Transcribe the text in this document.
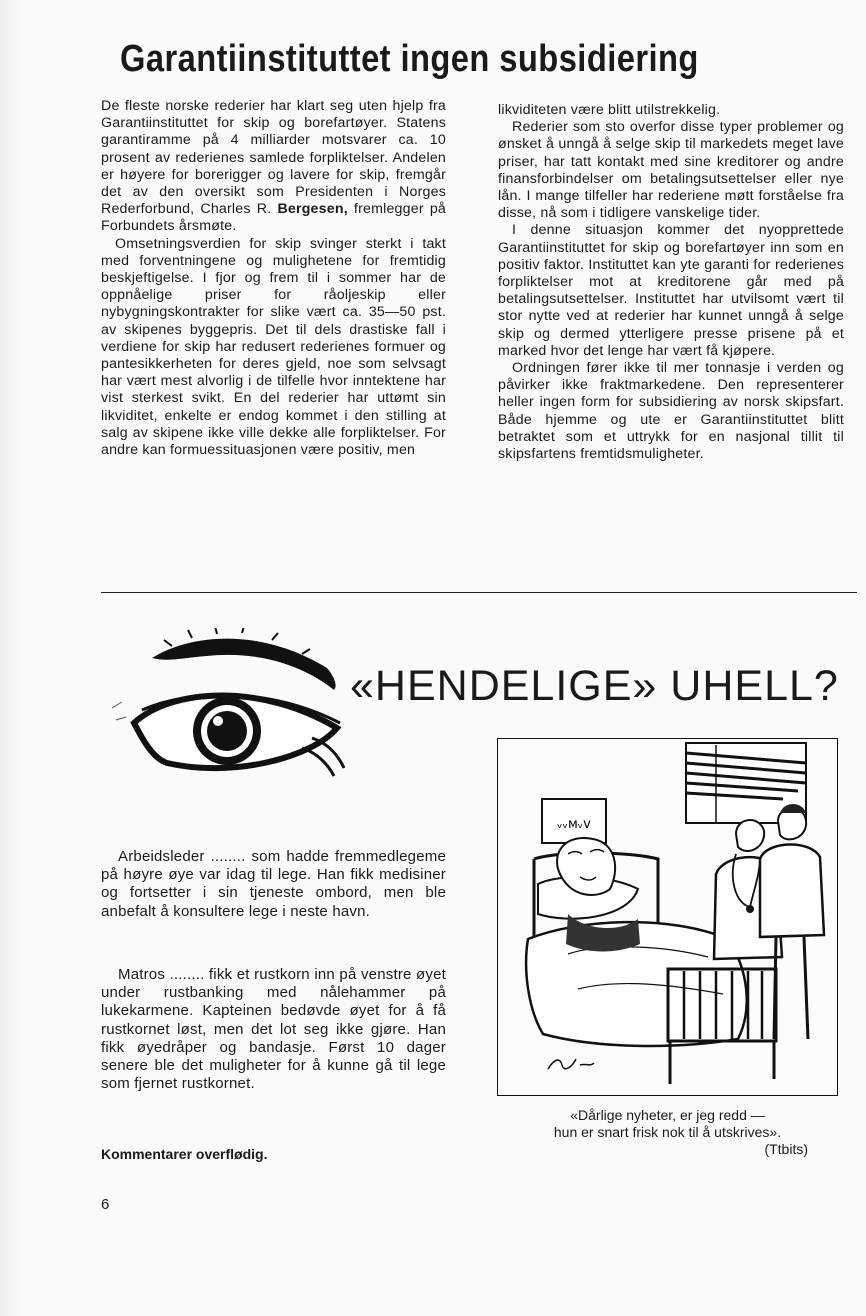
Garantiinstituttet ingen subsidiering

De fleste norske rederier har klart seg uten hjelp fra Garantiinstituttet for skip og borefartøyer. Statens garantiramme på 4 milliarder motsvarer ca. 10 prosent av rederienes samlede forpliktelser. Andelen er høyere for borerigger og lavere for skip, fremgår det av den oversikt som Presidenten i Norges Rederforbund, Charles R. Bergesen, fremlegger på Forbundets årsmøte.

Omsetningsverdien for skip svinger sterkt i takt med forventningene og mulighetene for fremtidig beskjeftigelse. I fjor og frem til i sommer har de oppnåelige priser for råoljeskip eller nybygningskontrakter for slike vært ca. 35—50 pst. av skipenes byggepris. Det til dels drastiske fall i verdiene for skip har redusert rederienes formuer og pantesikkerheten for deres gjeld, noe som selvsagt har vært mest alvorlig i de tilfelle hvor inntektene har vist sterkest svikt. En del rederier har uttømt sin likviditet, enkelte er endog kommet i den stilling at salg av skipene ikke ville dekke alle forpliktelser. For andre kan formuessituasjonen være positiv, men

likviditeten være blitt utilstrekkelig.

Rederier som sto overfor disse typer problemer og ønsket å unngå å selge skip til markedets meget lave priser, har tatt kontakt med sine kreditorer og andre finansforbindelser om betalingsutsettelser eller nye lån. I mange tilfeller har rederiene møtt forståelse fra disse, nå som i tidligere vanskelige tider.

I denne situasjon kommer det nyopprettede Garantiinstituttet for skip og borefartøyer inn som en positiv faktor. Instituttet kan yte garanti for rederienes forpliktelser mot at kreditorene går med på betalingsutsettelser. Instituttet har utvilsomt vært til stor nytte ved at rederier har kunnet unngå å selge skip og dermed ytterligere presse prisene på et marked hvor det lenge har vært få kjøpere.

Ordningen fører ikke til mer tonnasje i verden og påvirker ikke fraktmarkedene. Den representerer heller ingen form for subsidiering av norsk skipsfart. Både hjemme og ute er Garantiinstituttet blitt betraktet som et uttrykk for en nasjonal tillit til skipsfartens fremtidsmuligheter.

«HENDELIGE» UHELL?

Arbeidsleder ........ som hadde fremmedlegeme på høyre øye var idag til lege. Han fikk medisiner og fortsetter i sin tjeneste ombord, men ble anbefalt å konsultere lege i neste havn.

Matros ........ fikk et rustkorn inn på venstre øyet under rustbanking med nålehammer på lukekarmene. Kapteinen bedøvde øyet for å få rustkornet løst, men det lot seg ikke gjøre. Han fikk øyedråper og bandasje. Først 10 dager senere ble det muligheter for å kunne gå til lege som fjernet rustkornet.

Kommentarer overflødig.
6
ᵥᵥᴍᵥᴠ
«Dårlige nyheter, er jeg redd —
hun er snart frisk nok til å utskrives».
(Ttbits)
